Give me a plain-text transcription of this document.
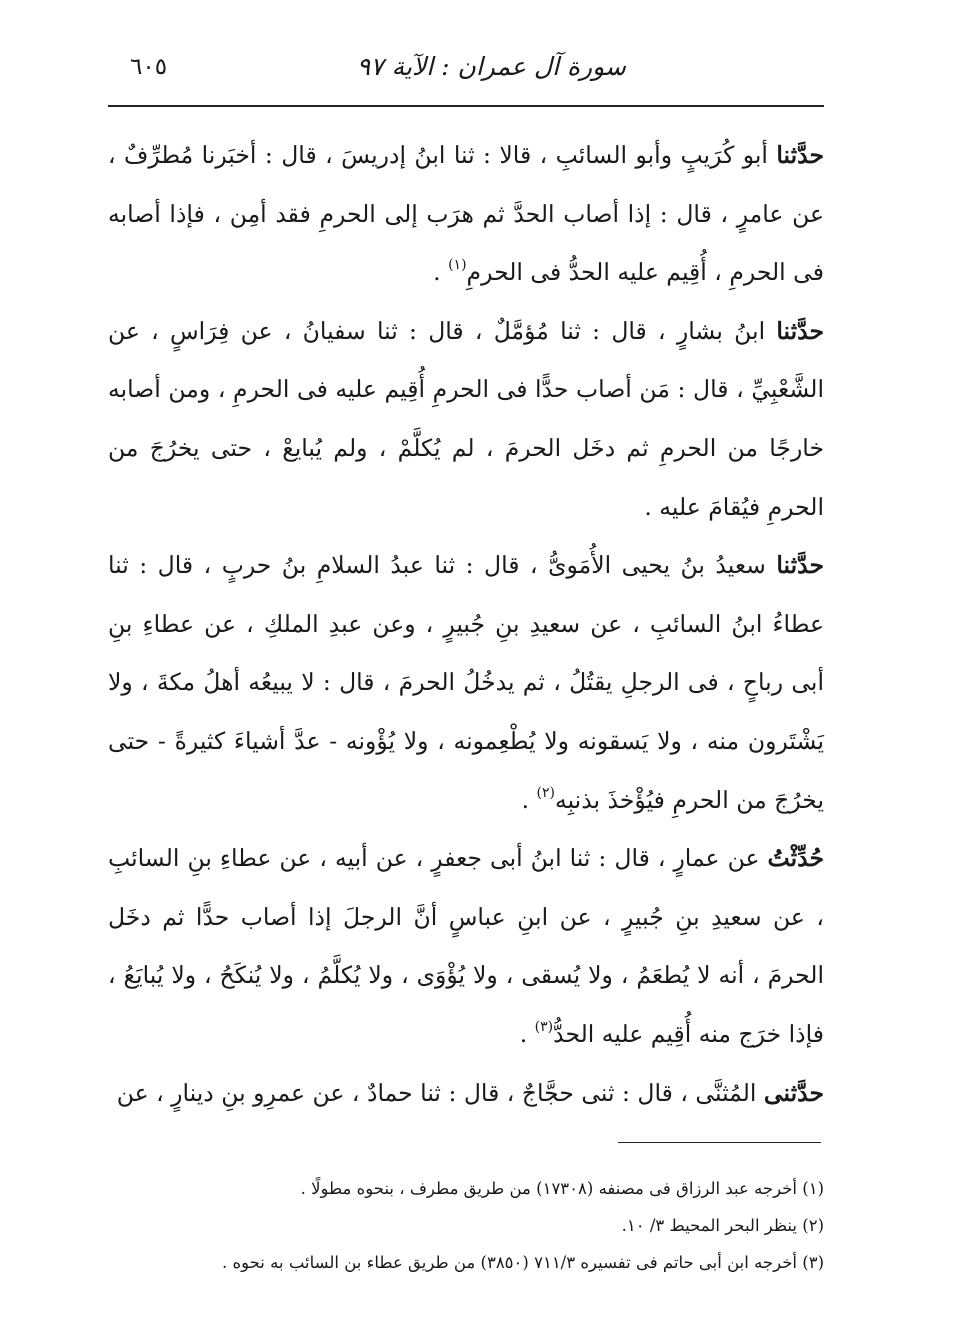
سورة آل عمران : الآية ٩٧
٦٠٥

حدَّثنا أبو كُرَيبٍ وأبو السائبِ ، قالا : ثنا ابنُ إدريسَ ، قال : أخبَرنا مُطرِّفٌ ، عن عامرٍ ، قال : إذا أصاب الحدَّ ثم هرَب إلى الحرمِ فقد أمِن ، فإذا أصابه فى الحرمِ ، أُقِيم عليه الحدُّ فى الحرمِ$^{(١)}$ .

حدَّثنا ابنُ بشارٍ ، قال : ثنا مُؤمَّلٌ ، قال : ثنا سفيانُ ، عن فِرَاسٍ ، عن الشَّعْبِيِّ ، قال : مَن أصاب حدًّا فى الحرمِ أُقِيم عليه فى الحرمِ ، ومن أصابه خارجًا من الحرمِ ثم دخَل الحرمَ ، لم يُكلَّمْ ، ولم يُبايعْ ، حتى يخرُجَ من الحرمِ فيُقامَ عليه .

حدَّثنا سعيدُ بنُ يحيى الأُمَوىُّ ، قال : ثنا عبدُ السلامِ بنُ حربٍ ، قال : ثنا عطاءُ ابنُ السائبِ ، عن سعيدِ بنِ جُبيرٍ ، وعن عبدِ الملكِ ، عن عطاءِ بنِ أبى رباحٍ ، فى الرجلِ يقتُلُ ، ثم يدخُلُ الحرمَ ، قال : لا يبيعُه أهلُ مكةَ ، ولا يَشْتَرون منه ، ولا يَسقونه ولا يُطْعِمونه ، ولا يُؤْونه - عدَّ أشياءَ كثيرةً - حتى يخرُجَ من الحرمِ فيُؤْخذَ بذنبِه$^{(٢)}$ .

حُدِّثْتُ عن عمارٍ ، قال : ثنا ابنُ أبى جعفرٍ ، عن أبيه ، عن عطاءِ بنِ السائبِ ، عن سعيدِ بنِ جُبيرٍ ، عن ابنِ عباسٍ أنَّ الرجلَ إذا أصاب حدًّا ثم دخَل الحرمَ ، أنه لا يُطعَمُ ، ولا يُسقى ، ولا يُؤْوَى ، ولا يُكلَّمُ ، ولا يُنكَحُ ، ولا يُبايَعُ ، فإذا خرَج منه أُقِيم عليه الحدُّ$^{(٣)}$ .

حدَّثنى المُثنَّى ، قال : ثنى حجَّاجٌ ، قال : ثنا حمادٌ ، عن عمرِو بنِ دينارٍ ، عن

(١) أخرجه عبد الرزاق فى مصنفه (١٧٣٠٨) من طريق مطرف ، بنحوه مطولًا .

(٢) ينظر البحر المحيط ٣/ ١٠.

(٣) أخرجه ابن أبى حاتم فى تفسيره ٧١١/٣ (٣٨٥٠) من طريق عطاء بن السائب به نحوه .
